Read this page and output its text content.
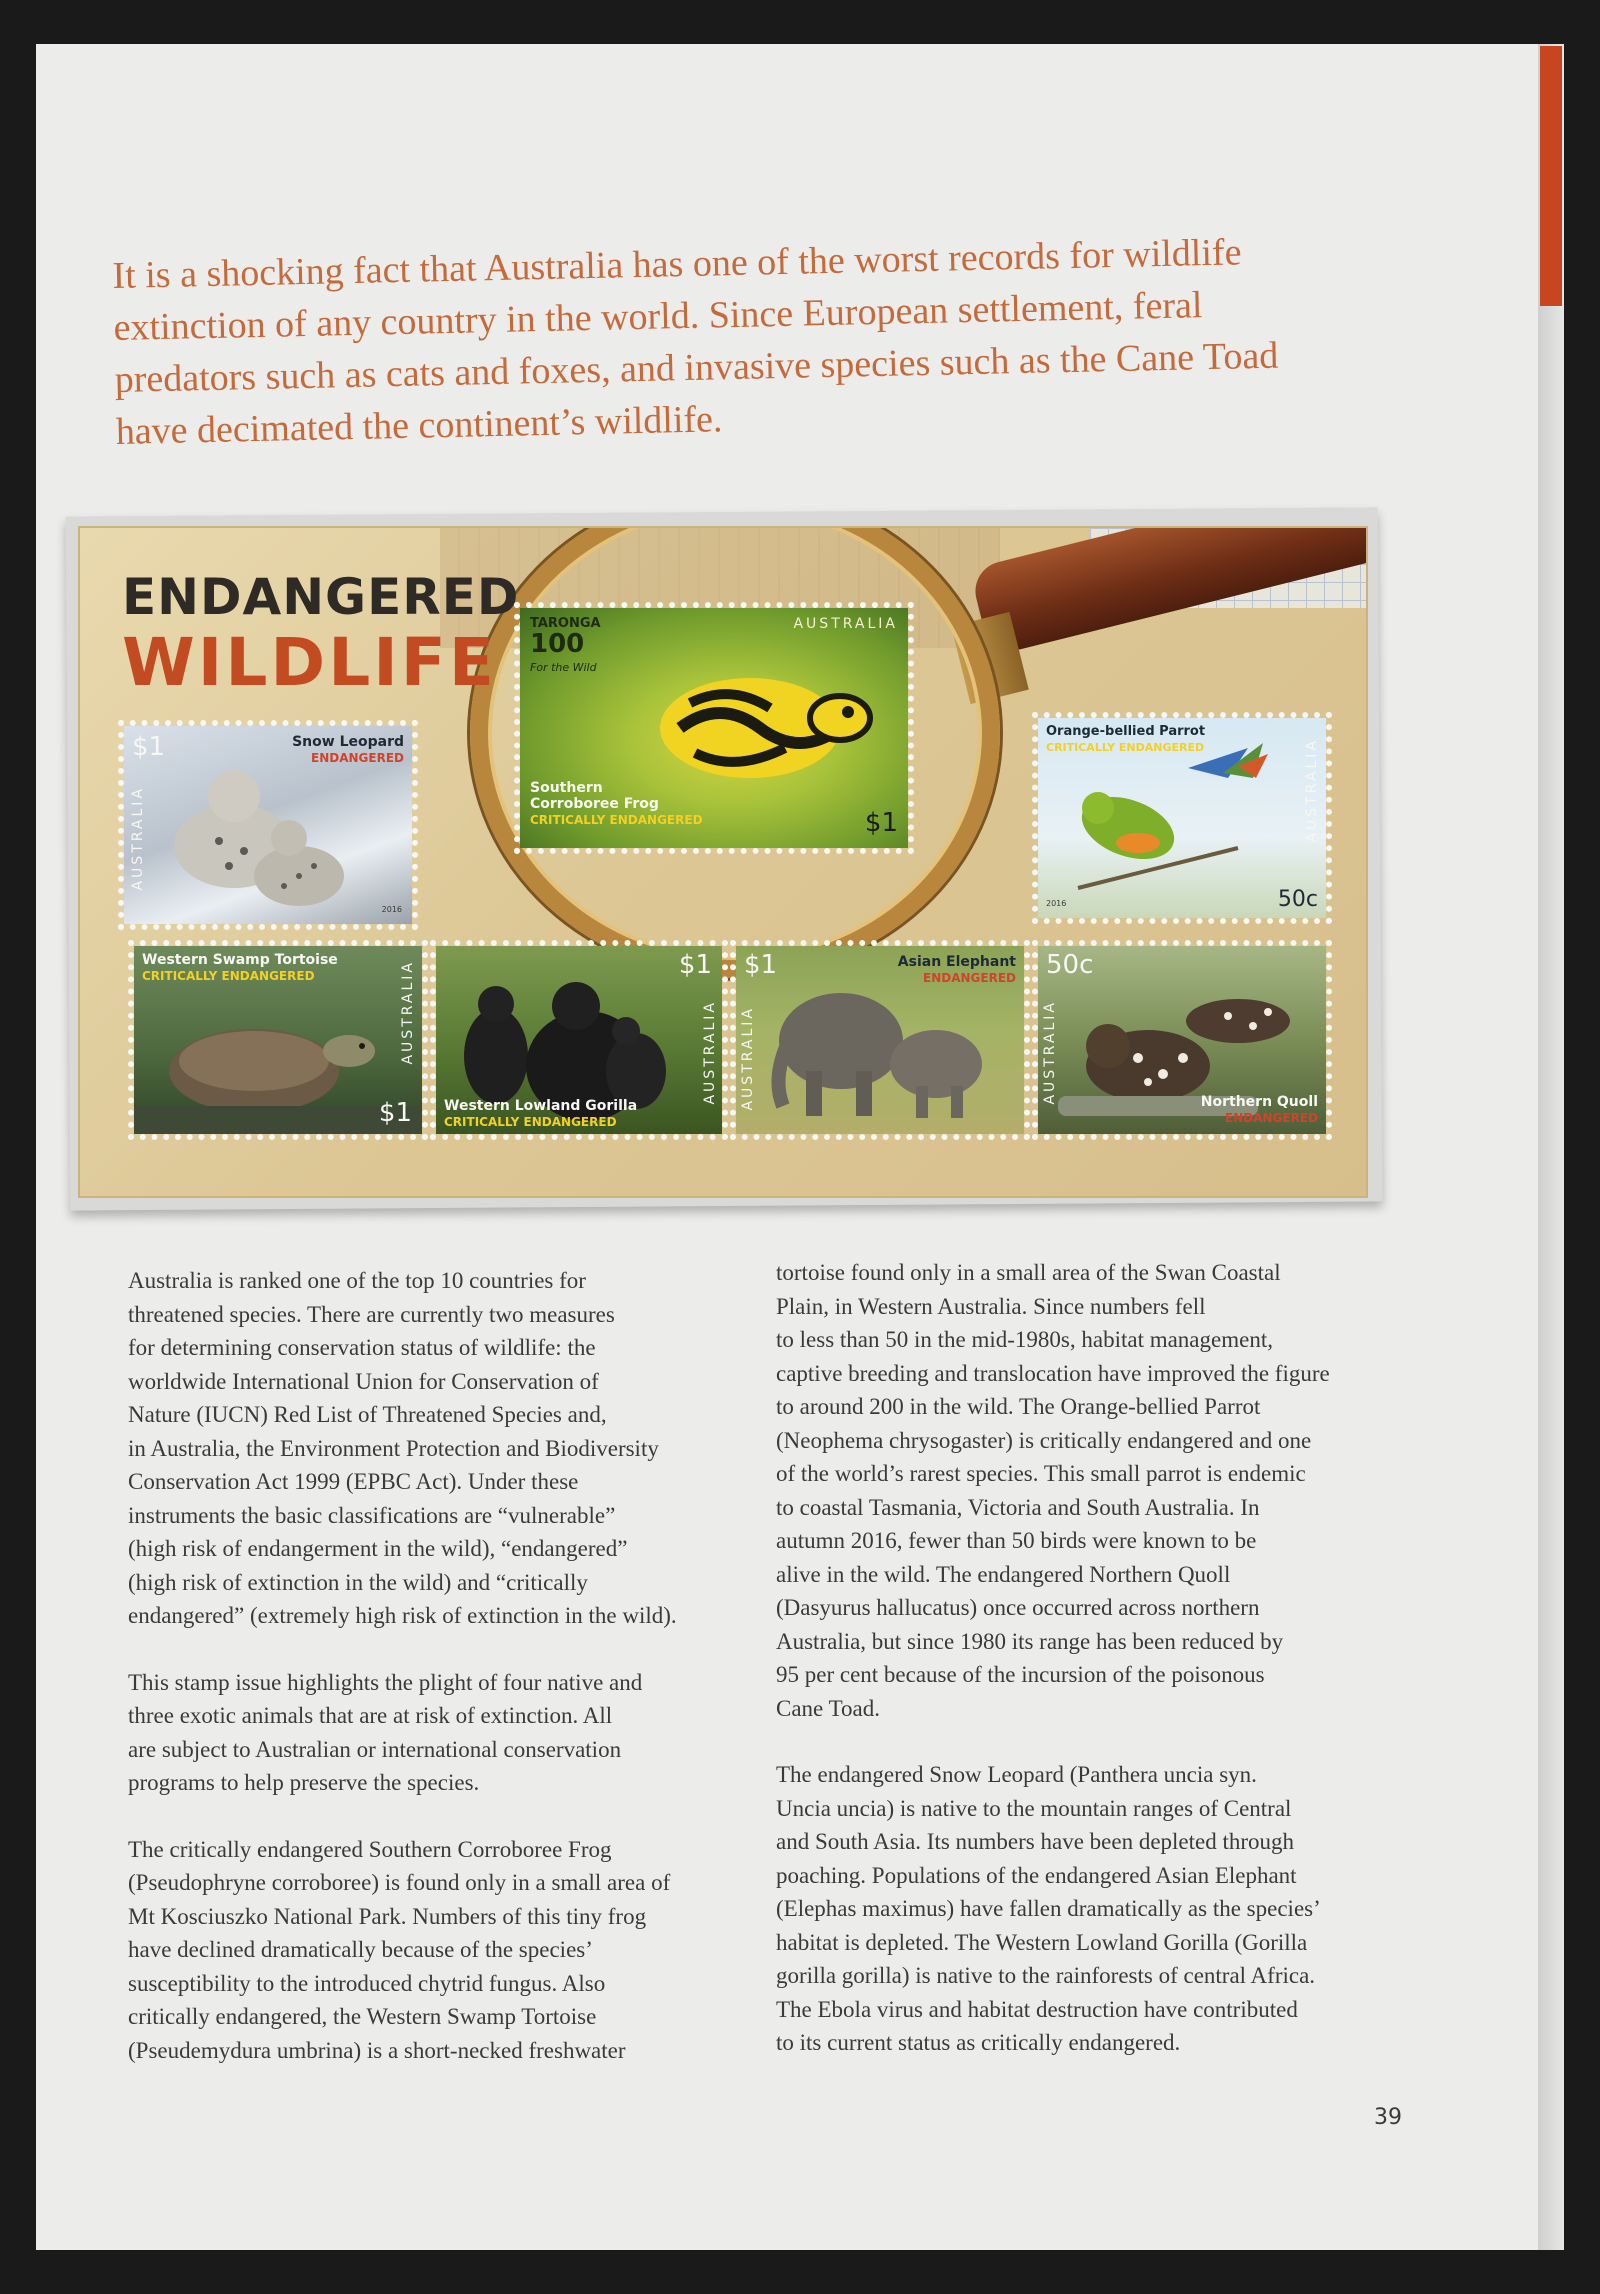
It is a shocking fact that Australia has one of the worst records for wildlife

extinction of any country in the world. Since European settlement, feral

predators such as cats and foxes, and invasive species such as the Cane Toad

have decimated the continent’s wildlife.

ENDANGERED
WILDLIFE
TARONGA
100
For the Wild
AUSTRALIA
Southern
Corroboree Frog
CRITICALLY ENDANGERED	$1
$1	Snow Leopard
ENDANGERED
AUSTRALIA
2016
Orange-bellied Parrot
CRITICALLY ENDANGERED	AUSTRALIA
50c
2016
Western Swamp Tortoise
CRITICALLY ENDANGERED	AUSTRALIA
$1
$1
Western Lowland Gorilla
CRITICALLY ENDANGERED
AUSTRALIA
$1	Asian Elephant
ENDANGERED
AUSTRALIA
50c
Northern Quoll
ENDANGERED
AUSTRALIA

Australia is ranked one of the top 10 countries for
threatened species. There are currently two measures
for determining conservation status of wildlife: the
worldwide International Union for Conservation of
Nature (IUCN) Red List of Threatened Species and,
in Australia, the Environment Protection and Biodiversity
Conservation Act 1999 (EPBC Act). Under these
instruments the basic classifications are “vulnerable”
(high risk of endangerment in the wild), “endangered”
(high risk of extinction in the wild) and “critically
endangered” (extremely high risk of extinction in the wild).

This stamp issue highlights the plight of four native and
three exotic animals that are at risk of extinction. All
are subject to Australian or international conservation
programs to help preserve the species.

The critically endangered Southern Corroboree Frog
(Pseudophryne corroboree) is found only in a small area of
Mt Kosciuszko National Park. Numbers of this tiny frog
have declined dramatically because of the species’
susceptibility to the introduced chytrid fungus. Also
critically endangered, the Western Swamp Tortoise
(Pseudemydura umbrina) is a short-necked freshwater

tortoise found only in a small area of the Swan Coastal
Plain, in Western Australia. Since numbers fell
to less than 50 in the mid-1980s, habitat management,
captive breeding and translocation have improved the figure
to around 200 in the wild. The Orange-bellied Parrot
(Neophema chrysogaster) is critically endangered and one
of the world’s rarest species. This small parrot is endemic
to coastal Tasmania, Victoria and South Australia. In
autumn 2016, fewer than 50 birds were known to be
alive in the wild. The endangered Northern Quoll
(Dasyurus hallucatus) once occurred across northern
Australia, but since 1980 its range has been reduced by
95 per cent because of the incursion of the poisonous
Cane Toad.

The endangered Snow Leopard (Panthera uncia syn.
Uncia uncia) is native to the mountain ranges of Central
and South Asia. Its numbers have been depleted through
poaching. Populations of the endangered Asian Elephant
(Elephas maximus) have fallen dramatically as the species’
habitat is depleted. The Western Lowland Gorilla (Gorilla
gorilla gorilla) is native to the rainforests of central Africa.
The Ebola virus and habitat destruction have contributed
to its current status as critically endangered.

39
